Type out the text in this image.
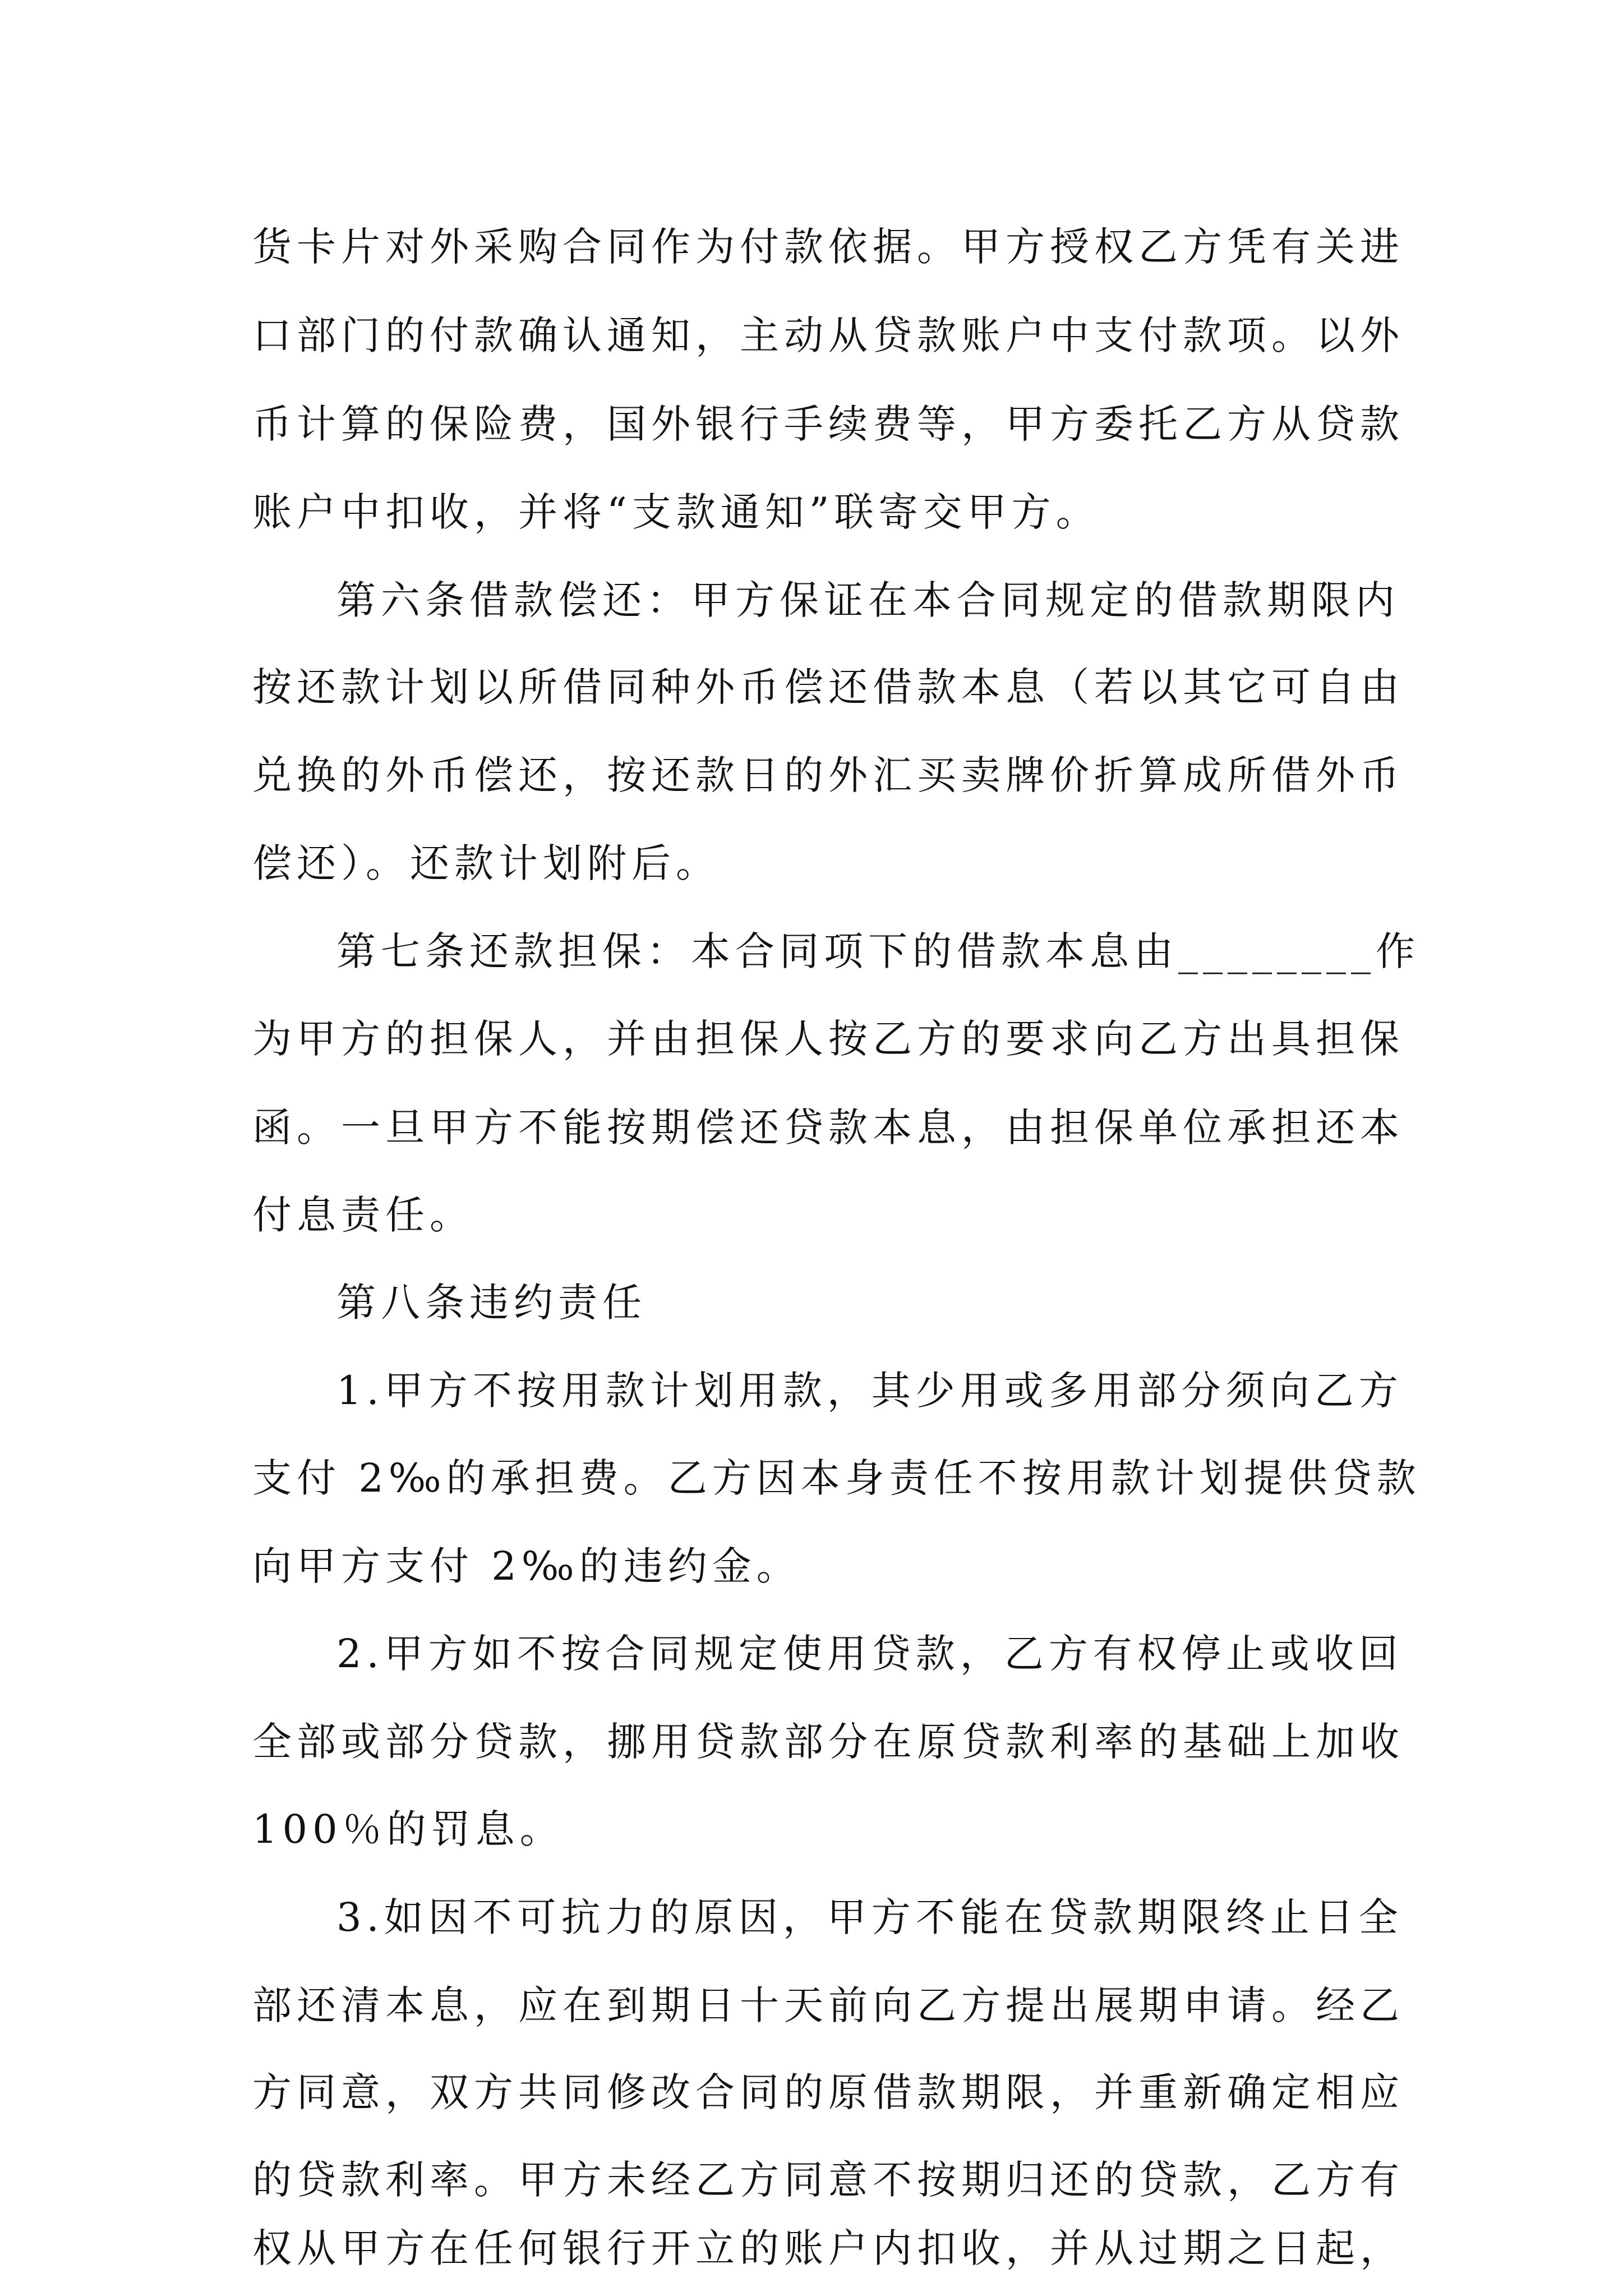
货卡片对外采购合同作为付款依据。甲方授权乙方凭有关进
口部门的付款确认通知，主动从贷款账户中支付款项。以外
币计算的保险费，国外银行手续费等，甲方委托乙方从贷款
账户中扣收，并将“支款通知”联寄交甲方。
第六条借款偿还：甲方保证在本合同规定的借款期限内
按还款计划以所借同种外币偿还借款本息（若以其它可自由
兑换的外币偿还，按还款日的外汇买卖牌价折算成所借外币
偿还）。还款计划附后。
第七条还款担保：本合同项下的借款本息由________作
为甲方的担保人，并由担保人按乙方的要求向乙方出具担保
函。一旦甲方不能按期偿还贷款本息，由担保单位承担还本
付息责任。
第八条违约责任
1.甲方不按用款计划用款，其少用或多用部分须向乙方
支付 2‰的承担费。乙方因本身责任不按用款计划提供贷款
向甲方支付 2‰的违约金。
2.甲方如不按合同规定使用贷款，乙方有权停止或收回
全部或部分贷款，挪用贷款部分在原贷款利率的基础上加收
100％的罚息。
3.如因不可抗力的原因，甲方不能在贷款期限终止日全
部还清本息，应在到期日十天前向乙方提出展期申请。经乙
方同意，双方共同修改合同的原借款期限，并重新确定相应
的贷款利率。甲方未经乙方同意不按期归还的贷款，乙方有
权从甲方在任何银行开立的账户内扣收，并从过期之日起，
